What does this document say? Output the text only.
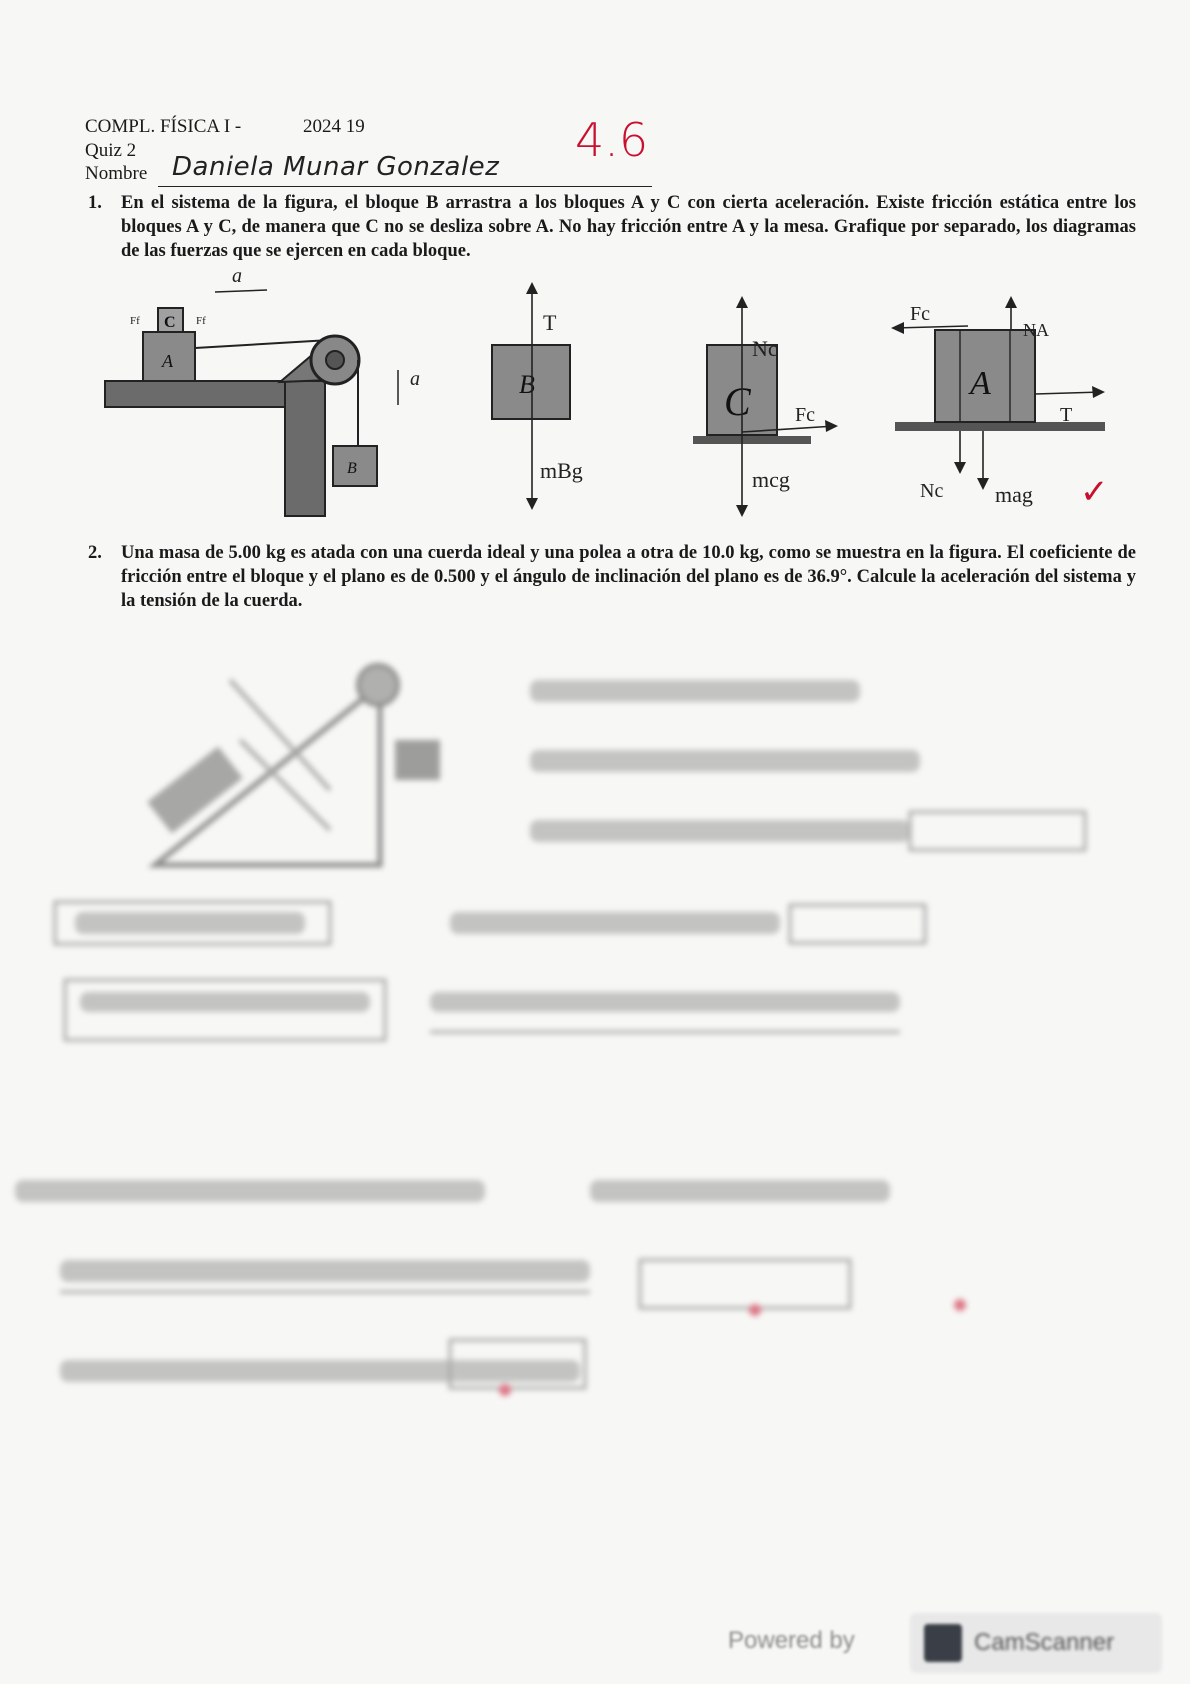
COMPL. FÍSICA I -	2024 19
Quiz 2
Nombre Daniela Munar Gonzalez 4.6
1. En el sistema de la figura, el bloque B arrastra a los bloques A y C con cierta aceleración. Existe fricción estática entre los bloques A y C, de manera que C no se desliza sobre A. No hay fricción entre A y la mesa. Grafique por separado, los diagramas de las fuerzas que se ejercen en cada bloque.
A
C
B
a
Ff	Ff
a	B
T
mBg
C
Nc
Fc
mcg
A
Fc
NA
T
Nc mag ✓
2. Una masa de 5.00 kg es atada con una cuerda ideal y una polea a otra de 10.0 kg, como se muestra en la figura. El coeficiente de fricción entre el bloque y el plano es de 0.500 y el ángulo de inclinación del plano es de 36.9°. Calcule la aceleración del sistema y la tensión de la cuerda.
Powered by	CamScanner
